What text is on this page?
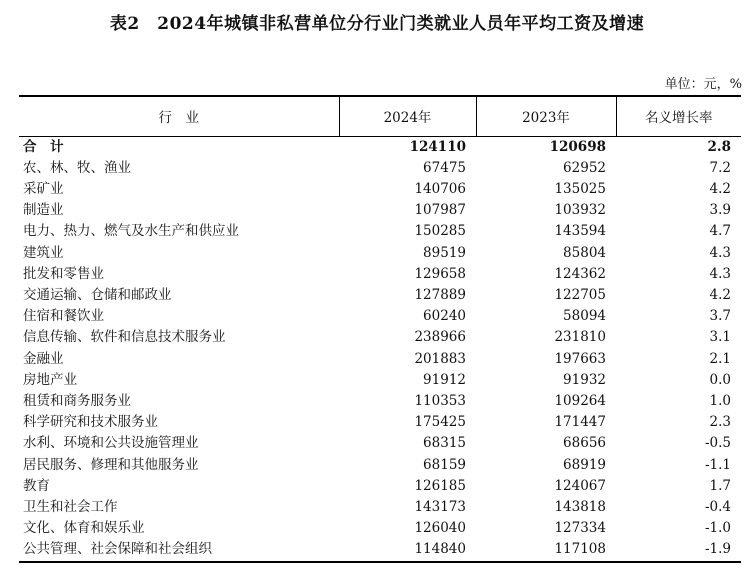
表2　2024年城镇非私营单位分行业门类就业人员年平均工资及增速
单位：元，%
行　业	2024年	2023年	名义增长率
合　计	124110	120698	2.8
农、林、牧、渔业	67475	62952	7.2
采矿业	140706	135025	4.2
制造业	107987	103932	3.9
电力、热力、燃气及水生产和供应业	150285	143594	4.7
建筑业	89519	85804	4.3
批发和零售业	129658	124362	4.3
交通运输、仓储和邮政业	127889	122705	4.2
住宿和餐饮业	60240	58094	3.7
信息传输、软件和信息技术服务业	238966	231810	3.1
金融业	201883	197663	2.1
房地产业	91912	91932	0.0
租赁和商务服务业	110353	109264	1.0
科学研究和技术服务业	175425	171447	2.3
水利、环境和公共设施管理业	68315	68656	-0.5
居民服务、修理和其他服务业	68159	68919	-1.1
教育	126185	124067	1.7
卫生和社会工作	143173	143818	-0.4
文化、体育和娱乐业	126040	127334	-1.0
公共管理、社会保障和社会组织	114840	117108	-1.9
